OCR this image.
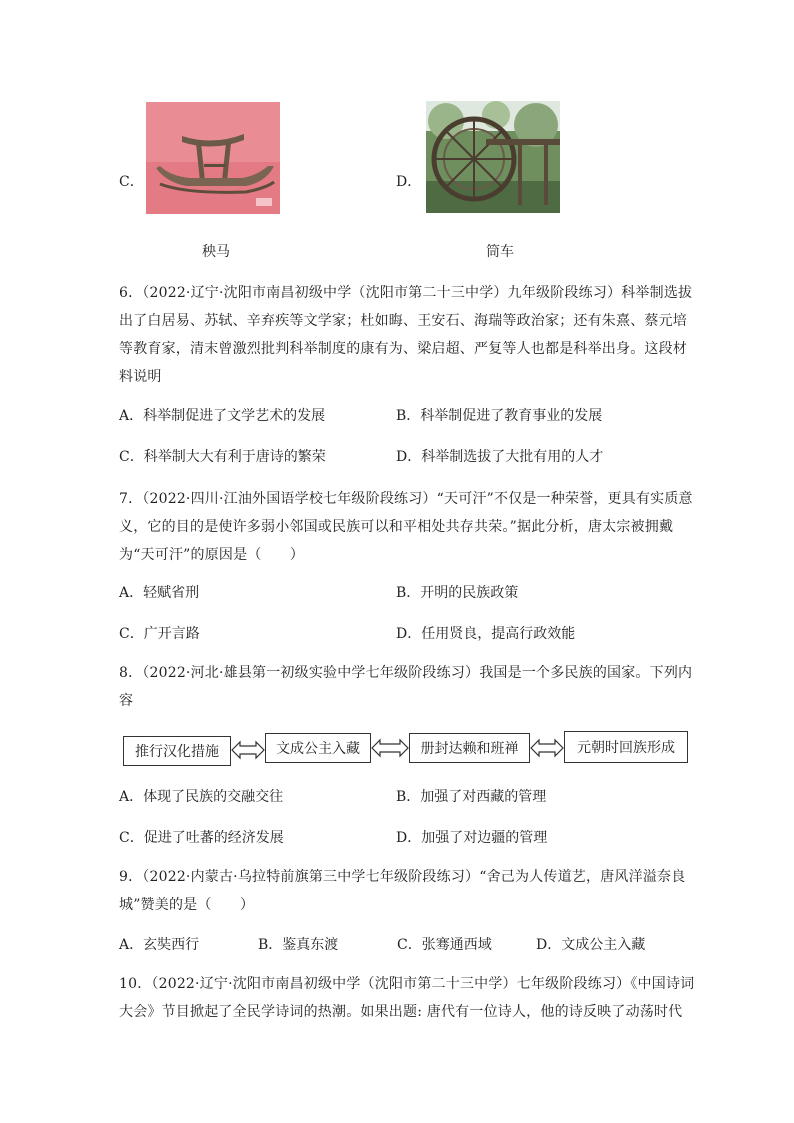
C．	D．
秧马	筒车
6．（2022·辽宁·沈阳市南昌初级中学（沈阳市第二十三中学）九年级阶段练习）科举制选拔
出了白居易、苏轼、辛弃疾等文学家；杜如晦、王安石、海瑞等政治家；还有朱熹、蔡元培
等教育家，清末曾激烈批判科举制度的康有为、梁启超、严复等人也都是科举出身。这段材
料说明
A．科举制促进了文学艺术的发展	B．科举制促进了教育事业的发展
C．科举制大大有利于唐诗的繁荣	D．科举制选拔了大批有用的人才
7．（2022·四川·江油外国语学校七年级阶段练习）“天可汗”不仅是一种荣誉，更具有实质意
义，它的目的是使许多弱小邻国或民族可以和平相处共存共荣。”据此分析，唐太宗被拥戴
为“天可汗”的原因是（　　）
A．轻赋省刑	B．开明的民族政策
C．广开言路	D．任用贤良，提高行政效能
8．（2022·河北·雄县第一初级实验中学七年级阶段练习）我国是一个多民族的国家。下列内
容
推行汉化措施	文成公主入藏	册封达赖和班禅	元朝时回族形成
A．体现了民族的交融交往	B．加强了对西藏的管理
C．促进了吐蕃的经济发展	D．加强了对边疆的管理
9．（2022·内蒙古·乌拉特前旗第三中学七年级阶段练习）“舍己为人传道艺，唐风洋溢奈良
城”赞美的是（　　）
A．玄奘西行	B．鉴真东渡	C．张骞通西域	D．文成公主入藏
10．（2022·辽宁·沈阳市南昌初级中学（沈阳市第二十三中学）七年级阶段练习）《中国诗词
大会》节目掀起了全民学诗词的热潮。如果出题: 唐代有一位诗人，他的诗反映了动荡时代
